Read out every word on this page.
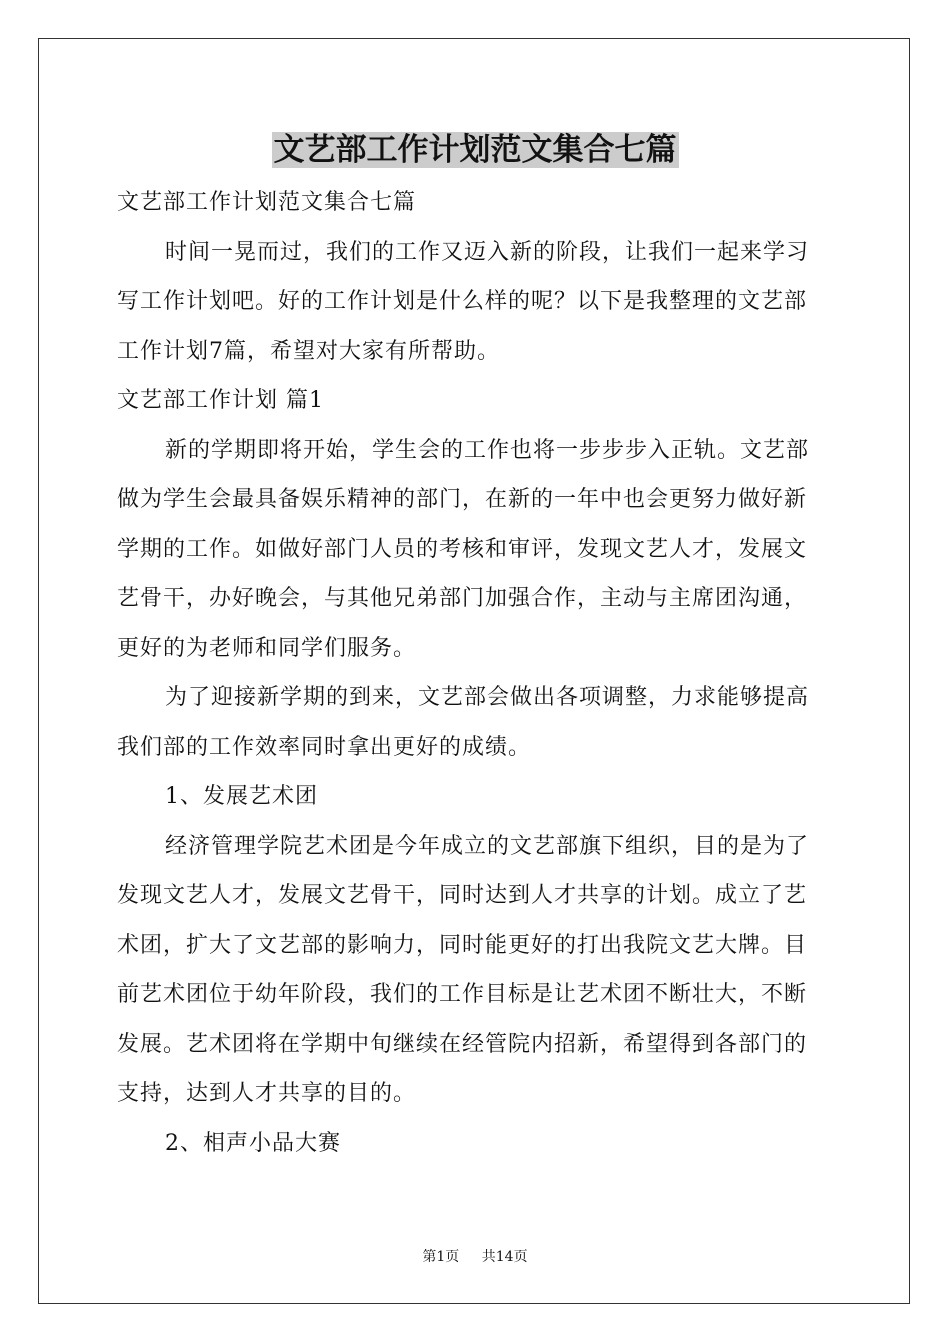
文艺部工作计划范文集合七篇

文艺部工作计划范文集合七篇

时间一晃而过，我们的工作又迈入新的阶段，让我们一起来学习

写工作计划吧。好的工作计划是什么样的呢？以下是我整理的文艺部

工作计划7篇，希望对大家有所帮助。

文艺部工作计划 篇1

新的学期即将开始，学生会的工作也将一步步步入正轨。文艺部

做为学生会最具备娱乐精神的部门，在新的一年中也会更努力做好新

学期的工作。如做好部门人员的考核和审评，发现文艺人才，发展文

艺骨干，办好晚会，与其他兄弟部门加强合作，主动与主席团沟通，

更好的为老师和同学们服务。

为了迎接新学期的到来，文艺部会做出各项调整，力求能够提高

我们部的工作效率同时拿出更好的成绩。

1、发展艺术团

经济管理学院艺术团是今年成立的文艺部旗下组织，目的是为了

发现文艺人才，发展文艺骨干，同时达到人才共享的计划。成立了艺

术团，扩大了文艺部的影响力，同时能更好的打出我院文艺大牌。目

前艺术团位于幼年阶段，我们的工作目标是让艺术团不断壮大，不断

发展。艺术团将在学期中旬继续在经管院内招新，希望得到各部门的

支持，达到人才共享的目的。

2、相声小品大赛

第1页 共14页
